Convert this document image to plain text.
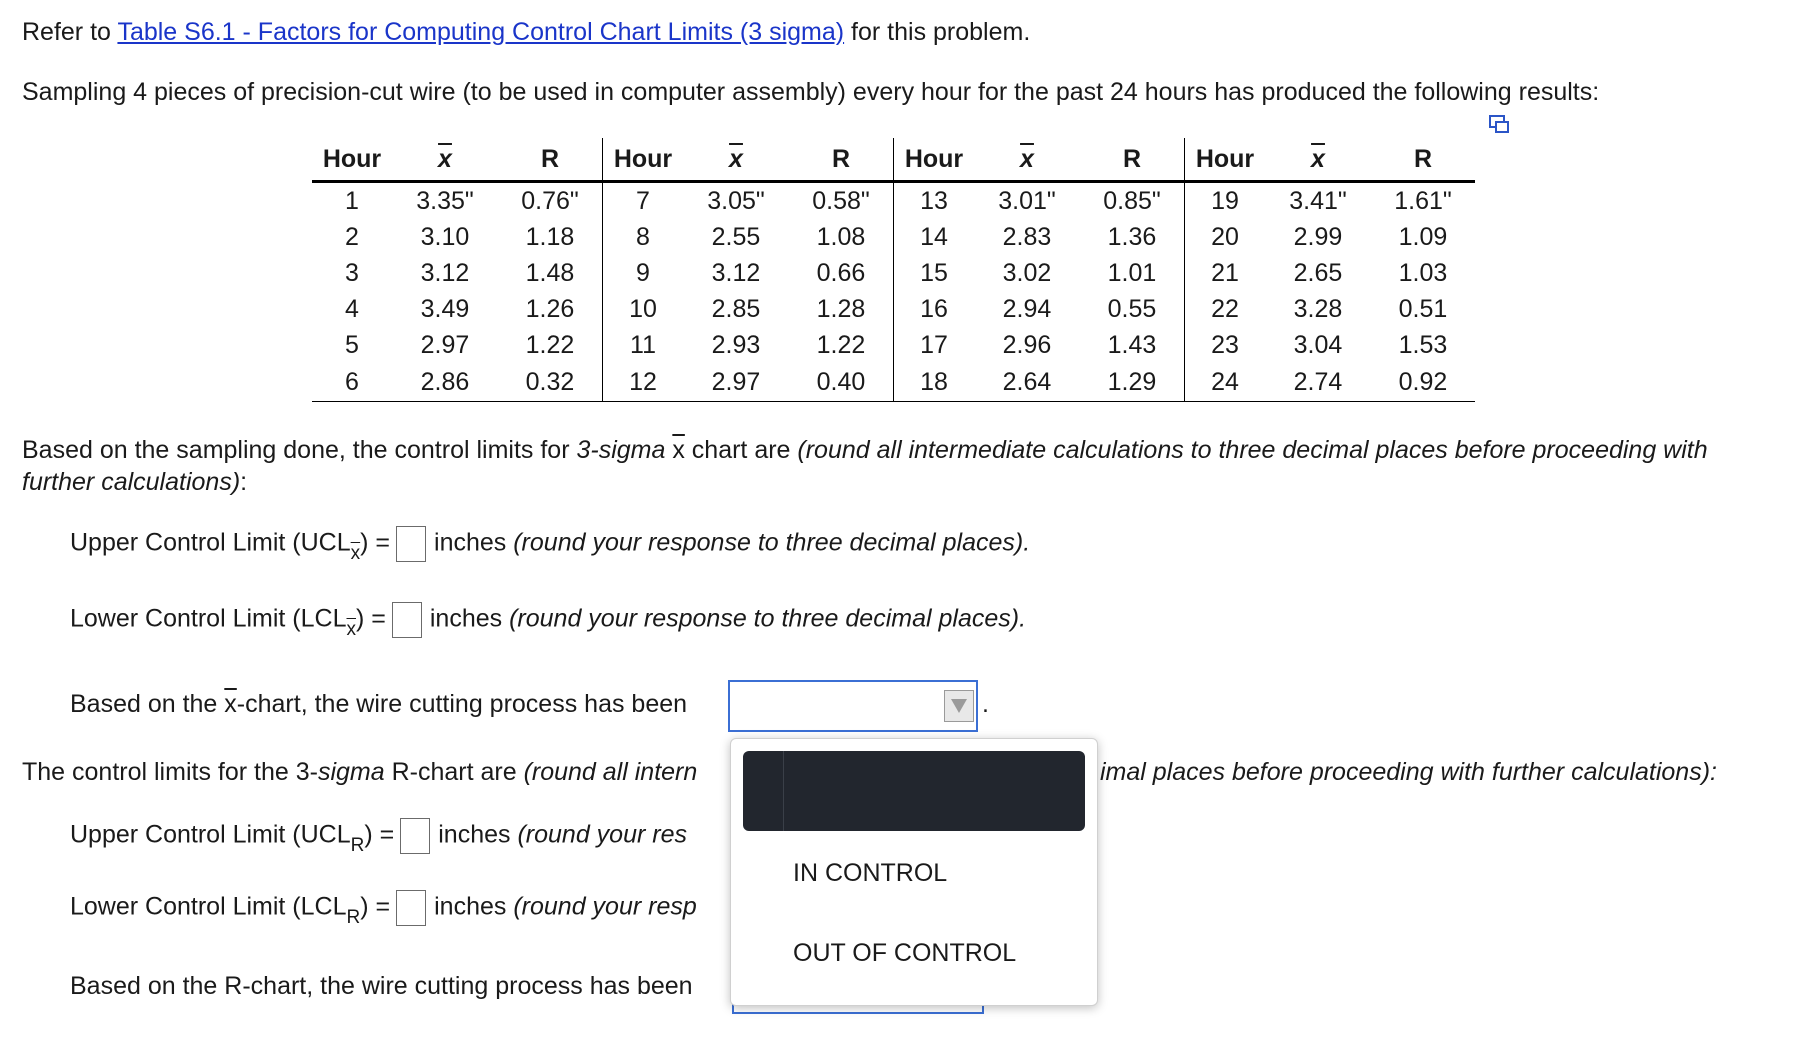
Refer to Table S6.1 - Factors for Computing Control Chart Limits (3 sigma) for this problem.
Sampling 4 pieces of precision-cut wire (to be used in computer assembly) every hour for the past 24 hours has produced the following results:
Hour	$\overline{x}$	R	Hour	$\overline{x}$	R	Hour	$\overline{x}$	R	Hour	$\overline{x}$	R
1	3.35"	0.76"	7	3.05"	0.58"	13	3.01"	0.85"	19	3.41"	1.61"
2	3.10	1.18	8	2.55	1.08	14	2.83	1.36	20	2.99	1.09
3	3.12	1.48	9	3.12	0.66	15	3.02	1.01	21	2.65	1.03
4	3.49	1.26	10	2.85	1.28	16	2.94	0.55	22	3.28	0.51
5	2.97	1.22	11	2.93	1.22	17	2.96	1.43	23	3.04	1.53
6	2.86	0.32	12	2.97	0.40	18	2.64	1.29	24	2.74	0.92
Based on the sampling done, the control limits for 3-sigma $\overline{x}$ chart are (round all intermediate calculations to three decimal places before proceeding with
further calculations):
Upper Control Limit $(UCL_{\overline{x}})$ = inches (round your response to three decimal places).
Lower Control Limit $(LCL_{\overline{x}})$ = inches (round your response to three decimal places).
Based on the $\overline{x}$-chart, the wire cutting process has been	.
The control limits for the 3-sigma R-chart are (round all intern	imal places before proceeding with further calculations):
Upper Control Limit $(UCL_R)$ = inches (round your res
Lower Control Limit $(LCL_R)$ = inches (round your resp
Based on the R-chart, the wire cutting process has been
IN CONTROL
OUT OF CONTROL
